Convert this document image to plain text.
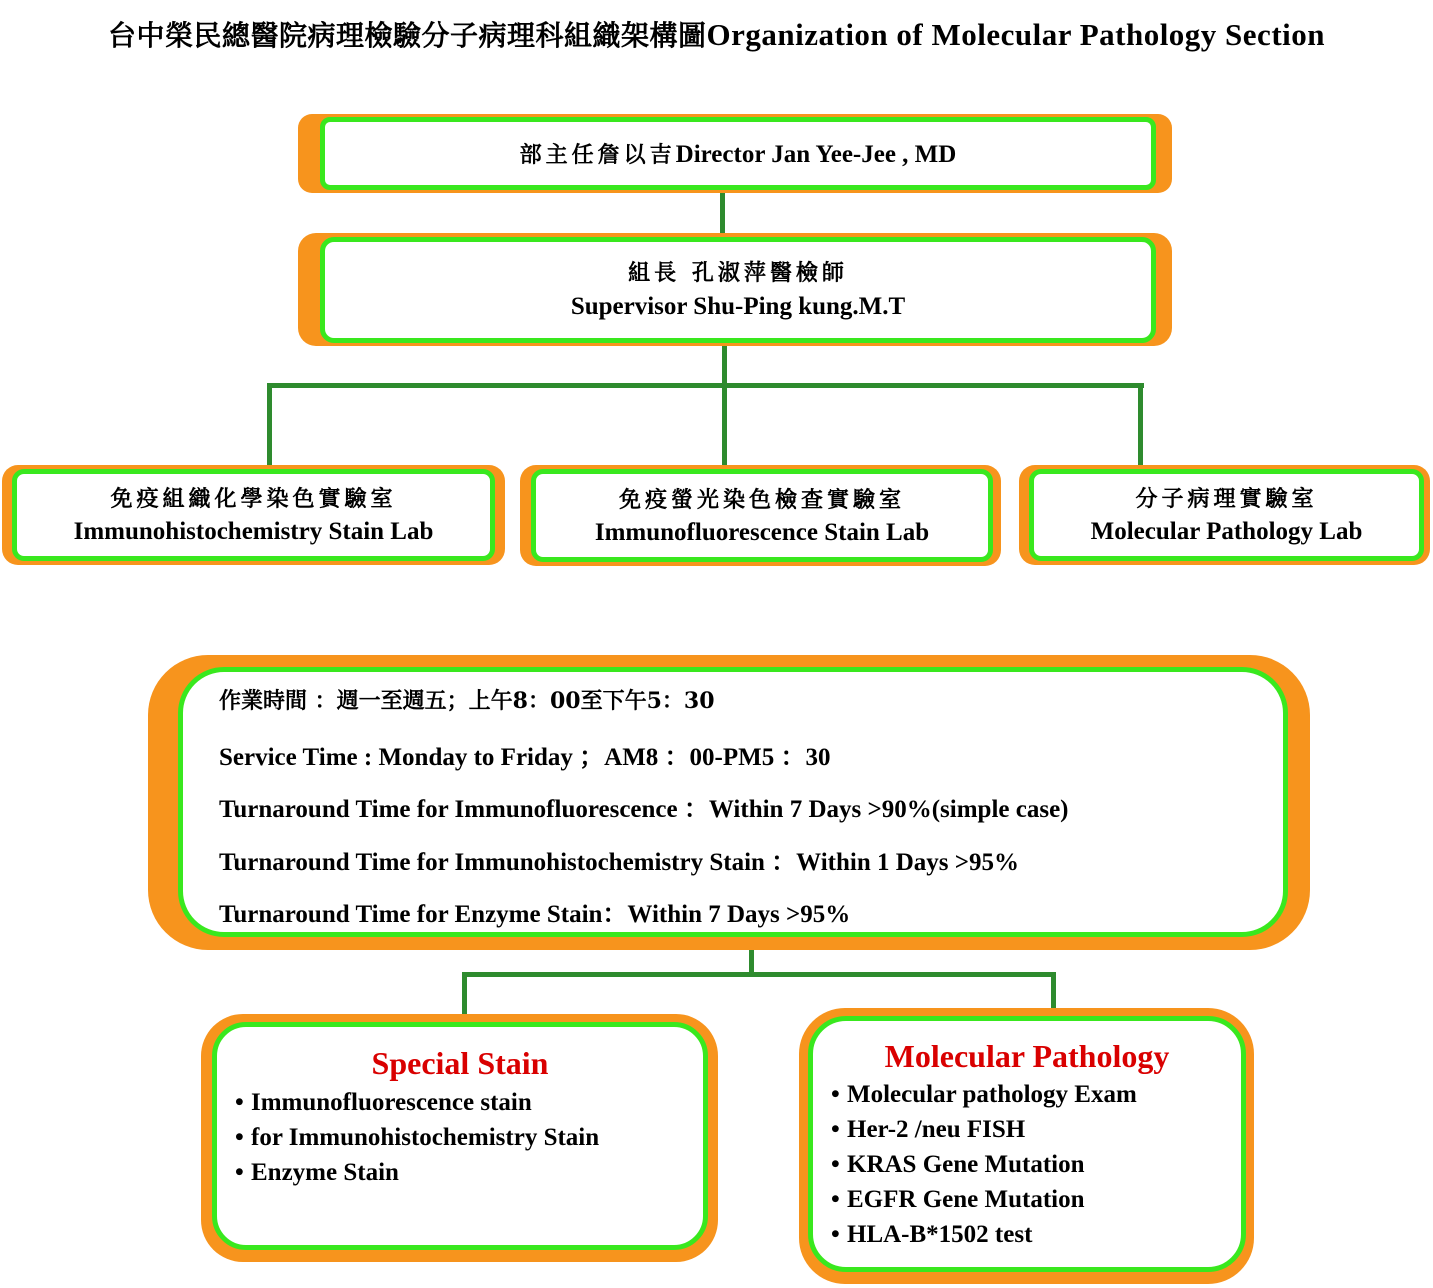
台中榮民總醫院病理檢驗分子病理科組織架構圖Organization of Molecular Pathology Section
部主任詹以吉Director Jan Yee-Jee , MD
組長 孔淑萍醫檢師
Supervisor Shu-Ping kung.M.T
免疫組織化學染色實驗室
Immunohistochemistry Stain Lab
免疫螢光染色檢查實驗室
Immunofluorescence Stain Lab
分子病理實驗室
Molecular Pathology Lab
作業時間 ：週一至週五；上午8：00至下午5：30
Service Time : Monday to Friday ；AM8 ：00-PM5 ：30
Turnaround Time for Immunofluorescence ：Within 7 Days >90%(simple case)
Turnaround Time for Immunohistochemistry Stain ：Within 1 Days >95%
Turnaround Time for Enzyme Stain：Within 7 Days >95%
Special Stain
• Immunofluorescence stain
• for Immunohistochemistry Stain
• Enzyme Stain
Molecular Pathology
• Molecular pathology Exam
• Her-2 /neu FISH
• KRAS Gene Mutation
• EGFR Gene Mutation
• HLA-B*1502 test
